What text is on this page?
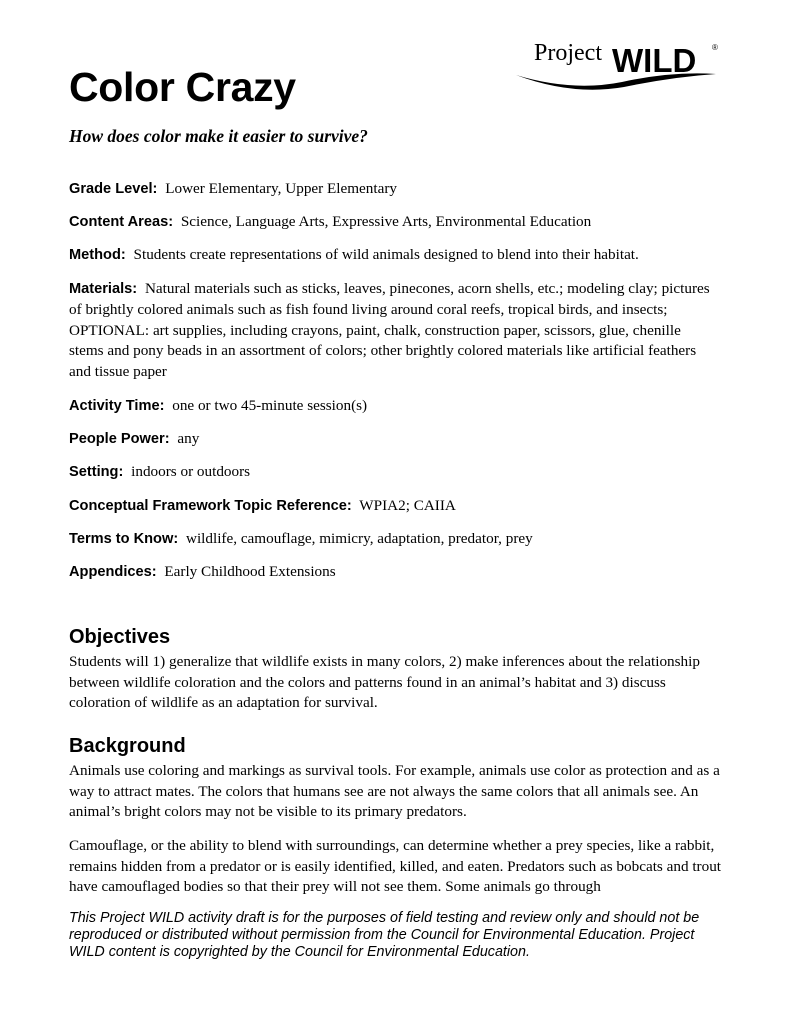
Project WILD ®
Color Crazy

How does color make it easier to survive?

Grade Level: Lower Elementary, Upper Elementary

Content Areas: Science, Language Arts, Expressive Arts, Environmental Education

Method: Students create representations of wild animals designed to blend into their habitat.

Materials: Natural materials such as sticks, leaves, pinecones, acorn shells, etc.; modeling clay; pictures of brightly colored animals such as fish found living around coral reefs, tropical birds, and insects; OPTIONAL: art supplies, including crayons, paint, chalk, construction paper, scissors, glue, chenille stems and pony beads in an assortment of colors; other brightly colored materials like artificial feathers and tissue paper

Activity Time: one or two 45-minute session(s)

People Power: any

Setting: indoors or outdoors

Conceptual Framework Topic Reference: WPIA2; CAIIA

Terms to Know: wildlife, camouflage, mimicry, adaptation, predator, prey

Appendices: Early Childhood Extensions

Objectives

Students will 1) generalize that wildlife exists in many colors, 2) make inferences about the relationship between wildlife coloration and the colors and patterns found in an animal’s habitat and 3) discuss coloration of wildlife as an adaptation for survival.

Background

Animals use coloring and markings as survival tools. For example, animals use color as protection and as a way to attract mates. The colors that humans see are not always the same colors that all animals see. An animal’s bright colors may not be visible to its primary predators.

Camouflage, or the ability to blend with surroundings, can determine whether a prey species, like a rabbit, remains hidden from a predator or is easily identified, killed, and eaten. Predators such as bobcats and trout have camouflaged bodies so that their prey will not see them. Some animals go through

This Project WILD activity draft is for the purposes of field testing and review only and should not be reproduced or distributed without permission from the Council for Environmental Education. Project WILD content is copyrighted by the Council for Environmental Education.
